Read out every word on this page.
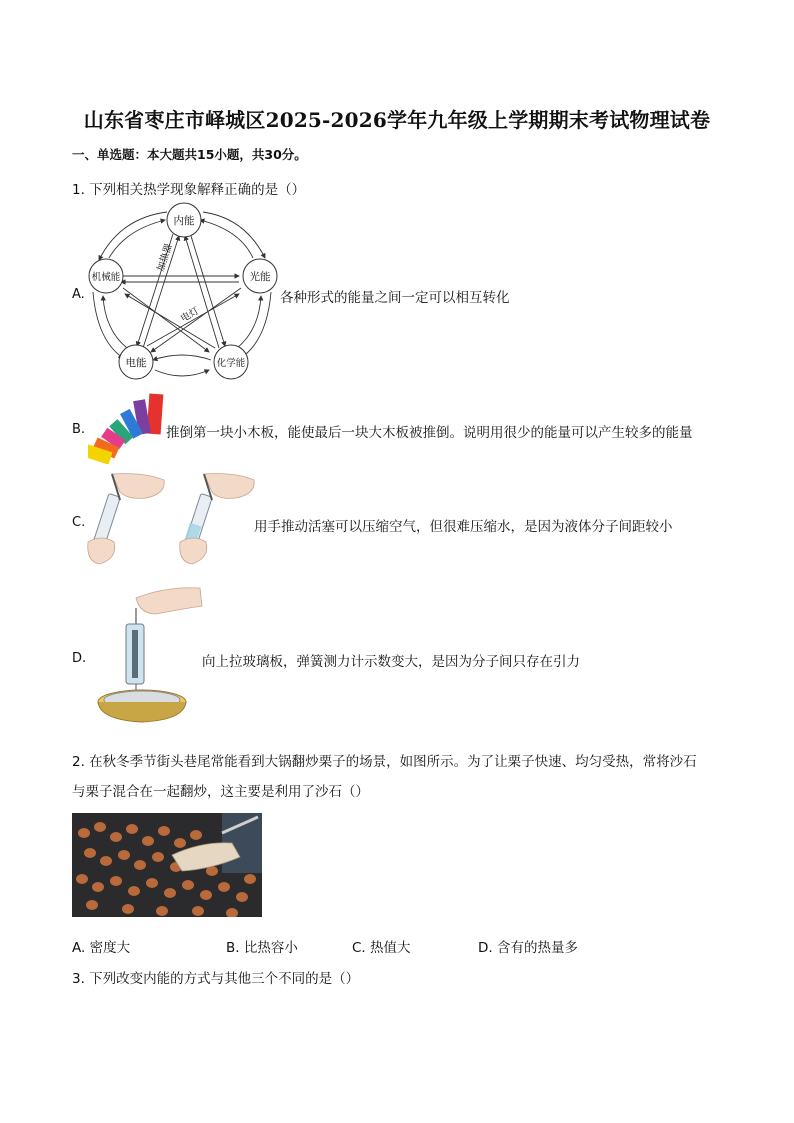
山东省枣庄市峄城区2025-2026学年九年级上学期期末考试物理试卷
一、单选题：本大题共15小题，共30分。
1. 下列相关热学现象解释正确的是（）
A.
内能
机械能	光能
电能	化学能
加热器
电灯
各种形式的能量之间一定可以相互转化
B.	推倒第一块小木板，能使最后一块大木板被推倒。说明用很少的能量可以产生较多的能量
C.	用手推动活塞可以压缩空气，但很难压缩水，是因为液体分子间距较小
D.	向上拉玻璃板，弹簧测力计示数变大，是因为分子间只存在引力
2. 在秋冬季节街头巷尾常能看到大锅翻炒栗子的场景，如图所示。为了让栗子快速、均匀受热，常将沙石
与栗子混合在一起翻炒，这主要是利用了沙石（）
A. 密度大	B. 比热容小	C. 热值大	D. 含有的热量多
3. 下列改变内能的方式与其他三个不同的是（）
